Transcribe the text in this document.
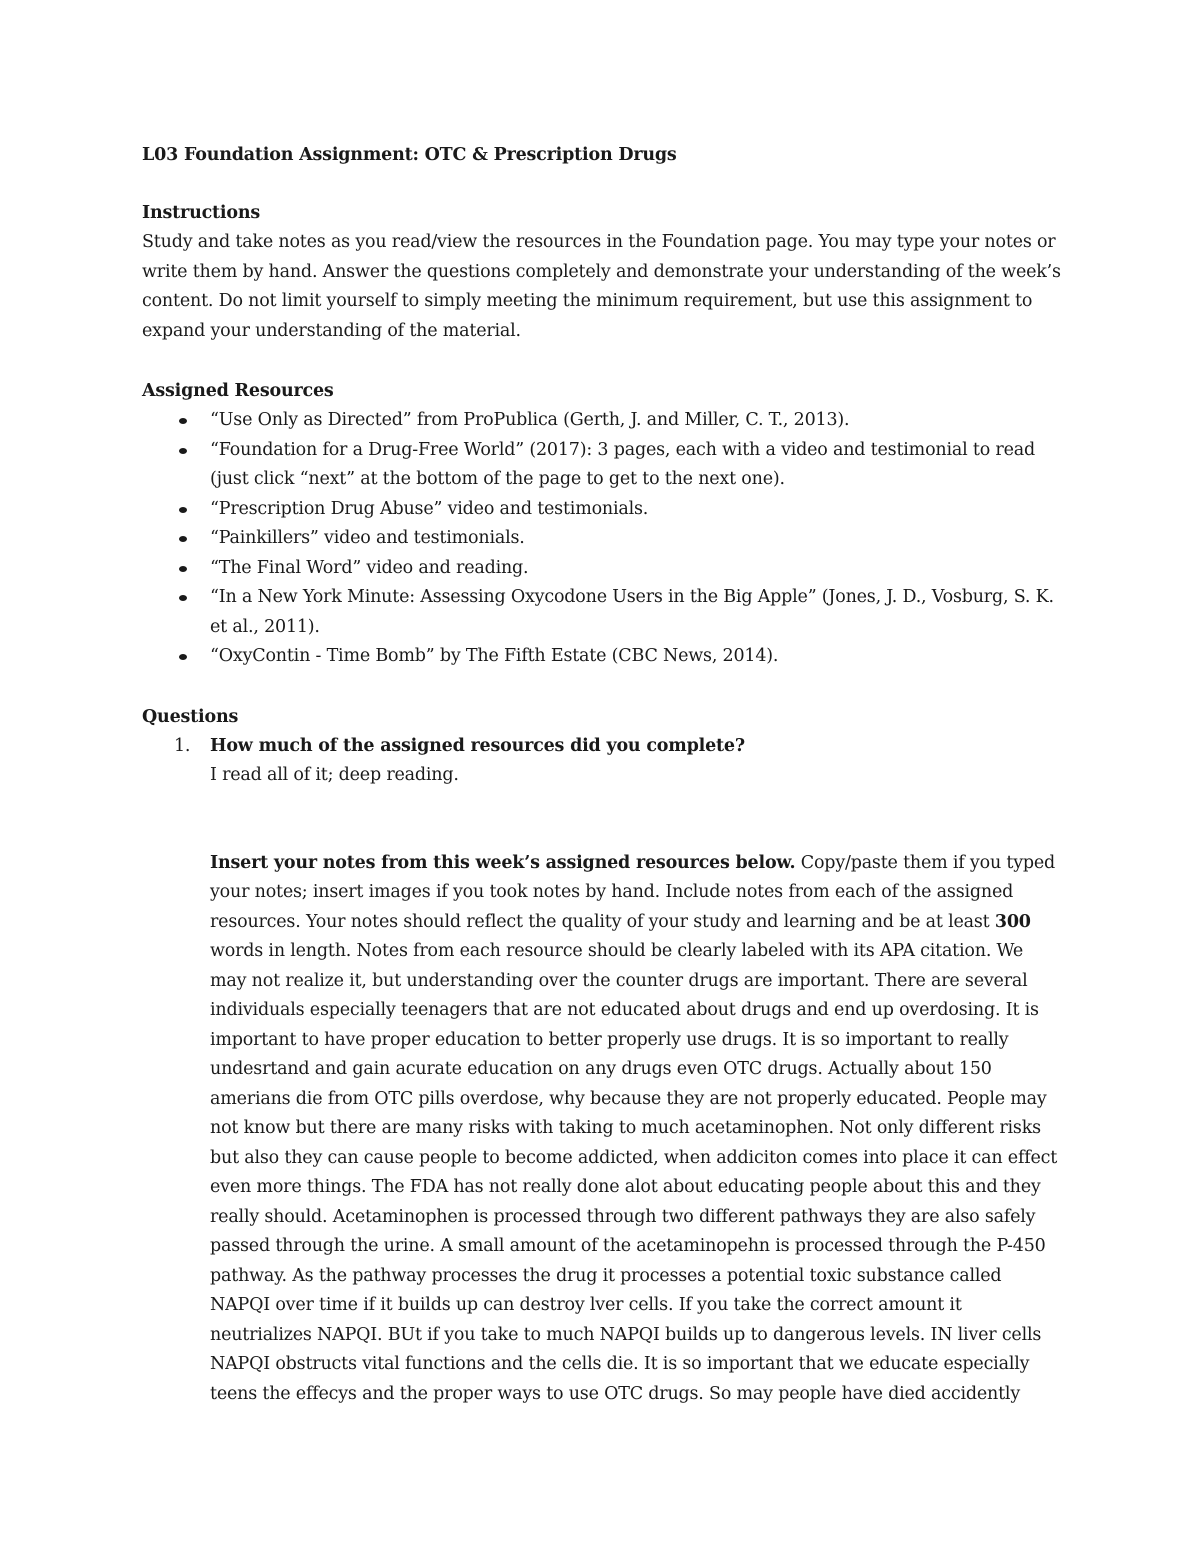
L03 Foundation Assignment: OTC & Prescription Drugs

Instructions

Study and take notes as you read/view the resources in the Foundation page. You may type your notes or write them by hand. Answer the questions completely and demonstrate your understanding of the week’s content. Do not limit yourself to simply meeting the minimum requirement, but use this assignment to expand your understanding of the material.

Assigned Resources

“Use Only as Directed” from ProPublica (Gerth, J. and Miller, C. T., 2013).
“Foundation for a Drug-Free World” (2017): 3 pages, each with a video and testimonial to read (just click “next” at the bottom of the page to get to the next one).
“Prescription Drug Abuse” video and testimonials.
“Painkillers” video and testimonials.
“The Final Word” video and reading.
“In a New York Minute: Assessing Oxycodone Users in the Big Apple” (Jones, J. D., Vosburg, S. K. et al., 2011).
“OxyContin - Time Bomb” by The Fifth Estate (CBC News, 2014).

Questions

1. How much of the assigned resources did you complete?
I read all of it; deep reading.

Insert your notes from this week’s assigned resources below. Copy/paste them if you typed your notes; insert images if you took notes by hand. Include notes from each of the assigned resources. Your notes should reflect the quality of your study and learning and be at least 300 words in length. Notes from each resource should be clearly labeled with its APA citation. We may not realize it, but understanding over the counter drugs are important. There are several individuals especially teenagers that are not educated about drugs and end up overdosing. It is important to have proper education to better properly use drugs. It is so important to really undesrtand and gain acurate education on any drugs even OTC drugs. Actually about 150 amerians die from OTC pills overdose, why because they are not properly educated. People may not know but there are many risks with taking to much acetaminophen. Not only different risks but also they can cause people to become addicted, when addiciton comes into place it can effect even more things. The FDA has not really done alot about educating people about this and they really should. Acetaminophen is processed through two different pathways they are also safely passed through the urine. A small amount of the acetaminopehn is processed through the P-450 pathway. As the pathway processes the drug it processes a potential toxic substance called NAPQI over time if it builds up can destroy lver cells. If you take the correct amount it neutrializes NAPQI. BUt if you take to much NAPQI builds up to dangerous levels. IN liver cells NAPQI obstructs vital functions and the cells die. It is so important that we educate especially teens the effecys and the proper ways to use OTC drugs. So may people have died accidently
